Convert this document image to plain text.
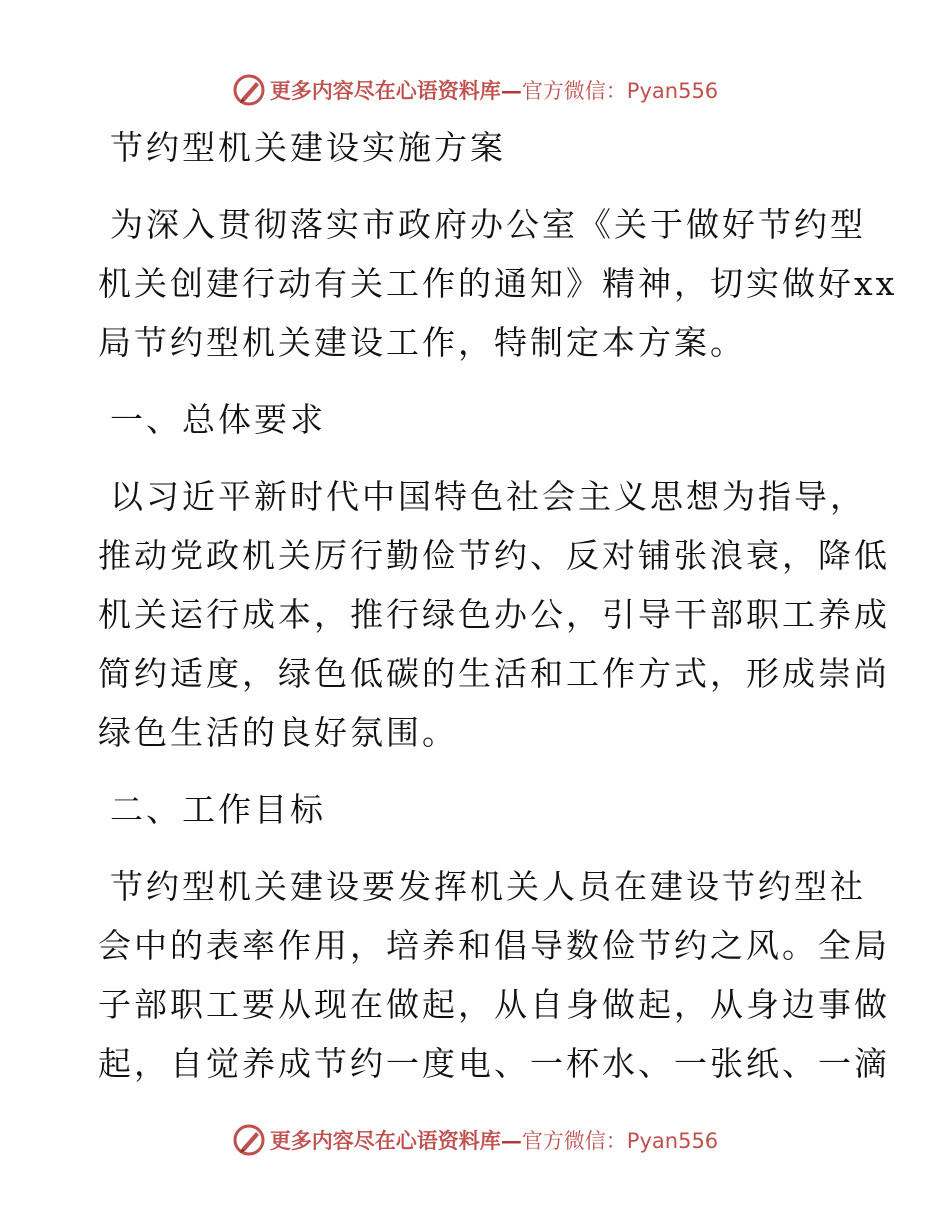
更多内容尽在心语资料库—官方微信：Pyan556
节约型机关建设实施方案
为深入贯彻落实市政府办公室《关于做好节约型
机关创建行动有关工作的通知》精神，切实做好xx
局节约型机关建设工作，特制定本方案。
一、总体要求
以习近平新时代中国特色社会主义思想为指导，
推动党政机关厉行勤俭节约、反对铺张浪衰，降低
机关运行成本，推行绿色办公，引导干部职工养成
简约适度，绿色低碳的生活和工作方式，形成崇尚
绿色生活的良好氛围。
二、工作目标
节约型机关建设要发挥机关人员在建设节约型社
会中的表率作用，培养和倡导数俭节约之风。全局
子部职工要从现在做起，从自身做起，从身边事做
起，自觉养成节约一度电、一杯水、一张纸、一滴
更多内容尽在心语资料库—官方微信：Pyan556
